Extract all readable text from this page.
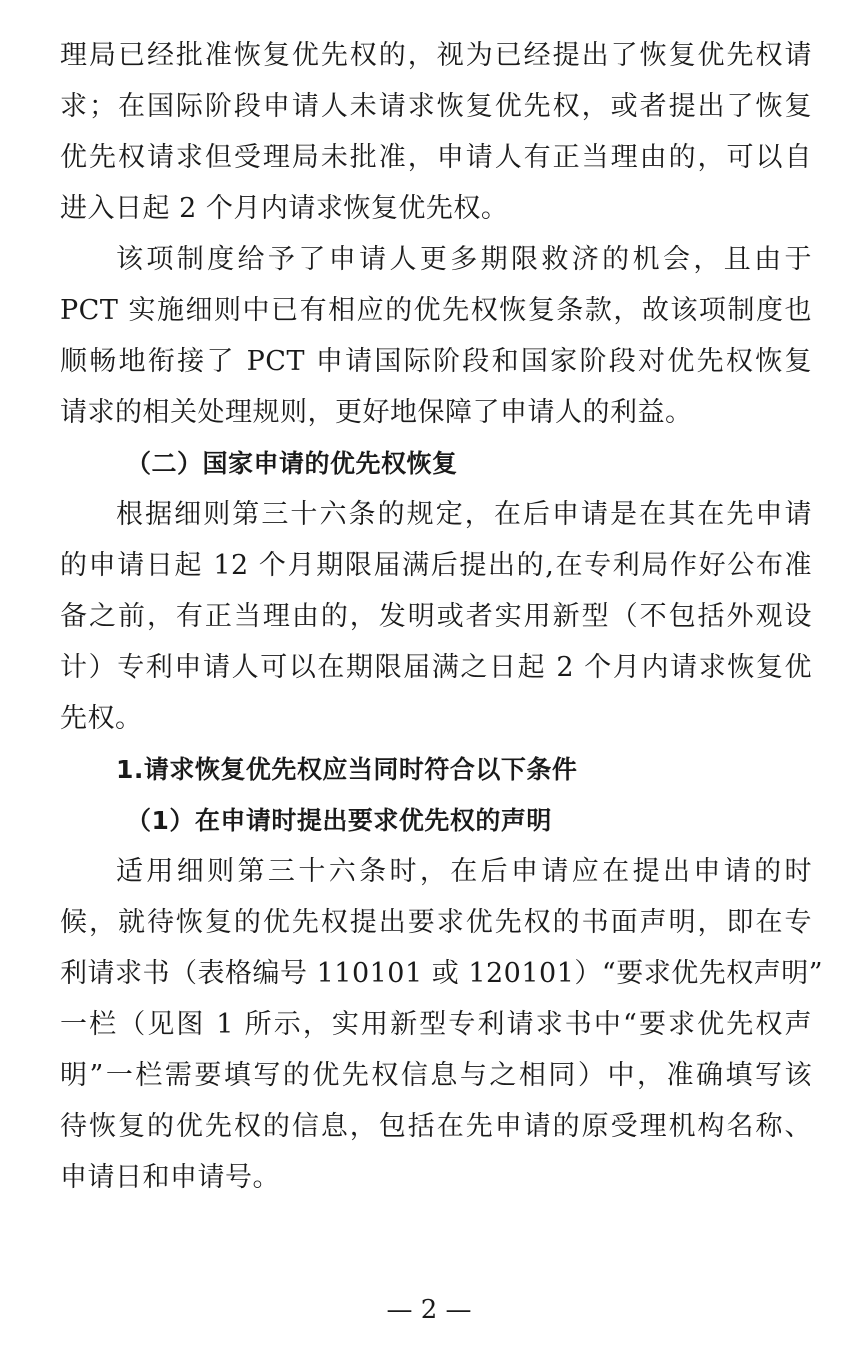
理局已经批准恢复优先权的，视为已经提出了恢复优先权请
求；在国际阶段申请人未请求恢复优先权，或者提出了恢复
优先权请求但受理局未批准，申请人有正当理由的，可以自
进入日起 2 个月内请求恢复优先权。
该项制度给予了申请人更多期限救济的机会，且由于
PCT 实施细则中已有相应的优先权恢复条款，故该项制度也
顺畅地衔接了 PCT 申请国际阶段和国家阶段对优先权恢复
请求的相关处理规则，更好地保障了申请人的利益。
（二）国家申请的优先权恢复
根据细则第三十六条的规定，在后申请是在其在先申请
的申请日起 12 个月期限届满后提出的,在专利局作好公布准
备之前，有正当理由的，发明或者实用新型（不包括外观设
计）专利申请人可以在期限届满之日起 2 个月内请求恢复优
先权。
1.请求恢复优先权应当同时符合以下条件
（1）在申请时提出要求优先权的声明
适用细则第三十六条时，在后申请应在提出申请的时
候，就待恢复的优先权提出要求优先权的书面声明，即在专
利请求书（表格编号 110101 或 120101）“要求优先权声明”
一栏（见图 1 所示，实用新型专利请求书中“要求优先权声
明”一栏需要填写的优先权信息与之相同）中，准确填写该
待恢复的优先权的信息，包括在先申请的原受理机构名称、
申请日和申请号。
— 2 —
